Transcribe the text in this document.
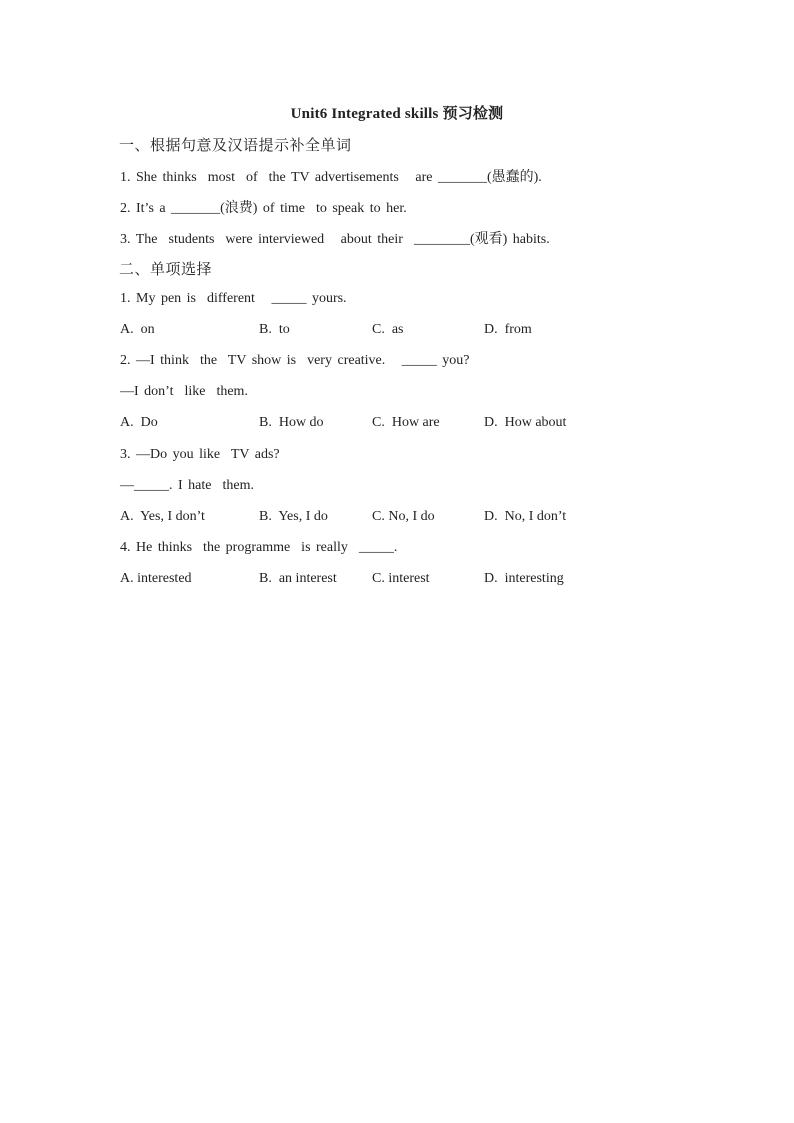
Unit6 Integrated skills 预习检测
一、根据句意及汉语提示补全单词
1. She thinks  most  of  the TV advertisements   are _______(愚蠢的).
2. It’s a _______(浪费) of time  to speak to her.
3. The  students  were interviewed   about their  ________(观看) habits.
二、单项选择
1. My pen is  different   _____ yours.
A.  on	B.  to	C.  as	D.  from
2. —I think  the  TV show is  very creative.   _____ you?
—I don’t  like  them.
A.  Do	B.  How do	C.  How are	D.  How about
3. —Do you like  TV ads?
—_____. I hate  them.
A.  Yes, I don’t	B.  Yes, I do	C. No, I do	D.  No, I don’t
4. He thinks  the programme  is really  _____.
A. interested	B.  an interest	C. interest	D.  interesting
